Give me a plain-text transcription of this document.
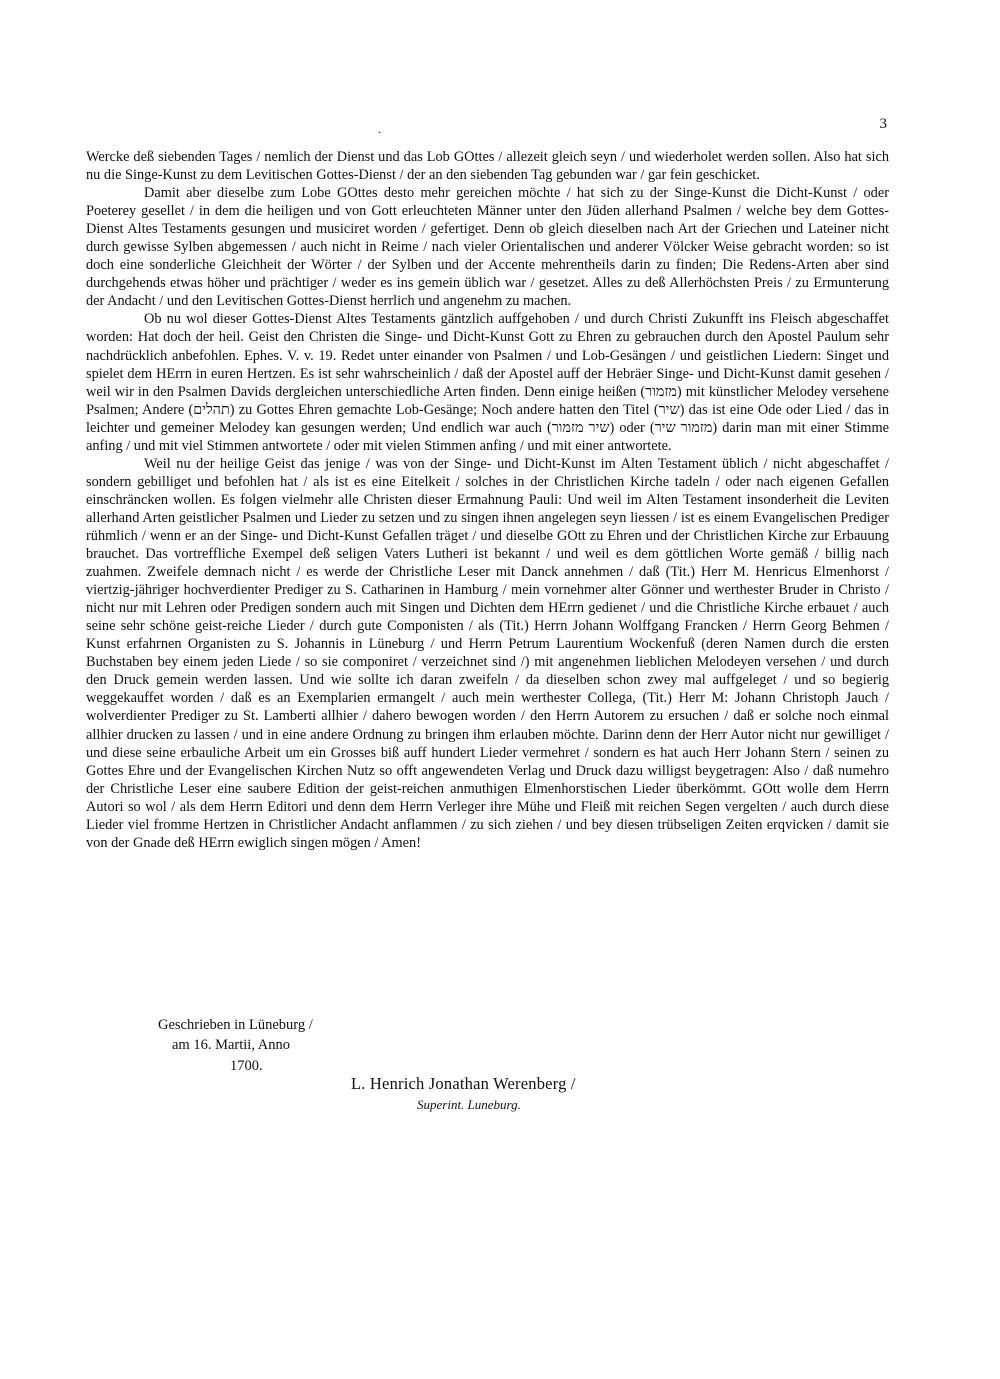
3
.

Wercke deß siebenden Tages / nemlich der Dienst und das Lob GOttes / allezeit gleich seyn / und wiederholet werden sollen. Also hat sich nu die Singe-Kunst zu dem Levitischen Gottes-Dienst / der an den siebenden Tag gebunden war / gar fein geschicket.

Damit aber dieselbe zum Lobe GOttes desto mehr gereichen möchte / hat sich zu der Singe-Kunst die Dicht-Kunst / oder Poeterey gesellet / in dem die heiligen und von Gott erleuchteten Männer unter den Jüden allerhand Psalmen / welche bey dem Gottes-Dienst Altes Testaments gesungen und musiciret worden / gefertiget. Denn ob gleich dieselben nach Art der Griechen und Lateiner nicht durch gewisse Sylben abgemessen / auch nicht in Reime / nach vieler Orientalischen und anderer Völcker Weise gebracht worden: so ist doch eine sonderliche Gleichheit der Wörter / der Sylben und der Accente mehrentheils darin zu finden; Die Redens-Arten aber sind durchgehends etwas höher und prächtiger / weder es ins gemein üblich war / gesetzet. Alles zu deß Allerhöchsten Preis / zu Ermunterung der Andacht / und den Levitischen Gottes-Dienst herrlich und angenehm zu machen.

Ob nu wol dieser Gottes-Dienst Altes Testaments gäntzlich auffgehoben / und durch Christi Zukunfft ins Fleisch abgeschaffet worden: Hat doch der heil. Geist den Christen die Singe- und Dicht-Kunst Gott zu Ehren zu gebrauchen durch den Apostel Paulum sehr nachdrücklich anbefohlen. Ephes. V. v. 19. Redet unter einander von Psalmen / und Lob-Gesängen / und geistlichen Liedern: Singet und spielet dem HErrn in euren Hertzen. Es ist sehr wahrscheinlich / daß der Apostel auff der Hebräer Singe- und Dicht-Kunst damit gesehen / weil wir in den Psalmen Davids dergleichen unterschiedliche Arten finden. Denn einige heißen (מזמור) mit künstlicher Melodey versehene Psalmen; Andere (תהלים) zu Gottes Ehren gemachte Lob-Gesänge; Noch andere hatten den Titel (שיר) das ist eine Ode oder Lied / das in leichter und gemeiner Melodey kan gesungen werden; Und endlich war auch (שיר מזמור) oder (מזמור שיר) darin man mit einer Stimme anfing / und mit viel Stimmen antwortete / oder mit vielen Stimmen anfing / und mit einer antwortete.

Weil nu der heilige Geist das jenige / was von der Singe- und Dicht-Kunst im Alten Testament üblich / nicht abgeschaffet / sondern gebilliget und befohlen hat / als ist es eine Eitelkeit / solches in der Christlichen Kirche tadeln / oder nach eigenen Gefallen einschräncken wollen. Es folgen vielmehr alle Christen dieser Ermahnung Pauli: Und weil im Alten Testament insonderheit die Leviten allerhand Arten geistlicher Psalmen und Lieder zu setzen und zu singen ihnen angelegen seyn liessen / ist es einem Evangelischen Prediger rühmlich / wenn er an der Singe- und Dicht-Kunst Gefallen träget / und dieselbe GOtt zu Ehren und der Christlichen Kirche zur Erbauung brauchet. Das vortreffliche Exempel deß seligen Vaters Lutheri ist bekannt / und weil es dem göttlichen Worte gemäß / billig nach zuahmen. Zweifele demnach nicht / es werde der Christliche Leser mit Danck annehmen / daß (Tit.) Herr M. Henricus Elmenhorst / viertzig-jähriger hochverdienter Prediger zu S. Catharinen in Hamburg / mein vornehmer alter Gönner und werthester Bruder in Christo / nicht nur mit Lehren oder Predigen sondern auch mit Singen und Dichten dem HErrn gedienet / und die Christliche Kirche erbauet / auch seine sehr schöne geist-reiche Lieder / durch gute Componisten / als (Tit.) Herrn Johann Wolffgang Francken / Herrn Georg Behmen / Kunst erfahrnen Organisten zu S. Johannis in Lüneburg / und Herrn Petrum Laurentium Wockenfuß (deren Namen durch die ersten Buchstaben bey einem jeden Liede / so sie componiret / verzeichnet sind /) mit angenehmen lieblichen Melodeyen versehen / und durch den Druck gemein werden lassen. Und wie sollte ich daran zweifeln / da dieselben schon zwey mal auffgeleget / und so begierig weggekauffet worden / daß es an Exemplarien ermangelt / auch mein werthester Collega, (Tit.) Herr M: Johann Christoph Jauch / wolverdienter Prediger zu St. Lamberti allhier / dahero bewogen worden / den Herrn Autorem zu ersuchen / daß er solche noch einmal allhier drucken zu lassen / und in eine andere Ordnung zu bringen ihm erlauben möchte. Darinn denn der Herr Autor nicht nur gewilliget / und diese seine erbauliche Arbeit um ein Grosses biß auff hundert Lieder vermehret / sondern es hat auch Herr Johann Stern / seinen zu Gottes Ehre und der Evangelischen Kirchen Nutz so offt angewendeten Verlag und Druck dazu willigst beygetragen: Also / daß numehro der Christliche Leser eine saubere Edition der geist-reichen anmuthigen Elmenhorstischen Lieder überkömmt. GOtt wolle dem Herrn Autori so wol / als dem Herrn Editori und denn dem Herrn Verleger ihre Mühe und Fleiß mit reichen Segen vergelten / auch durch diese Lieder viel fromme Hertzen in Christlicher Andacht anflammen / zu sich ziehen / und bey diesen trübseligen Zeiten erqvicken / damit sie von der Gnade deß HErrn ewiglich singen mögen / Amen!

Geschrieben in Lüneburg /
am 16. Martii, Anno
1700.
L. Henrich Jonathan Werenberg /
Superint. Luneburg.
